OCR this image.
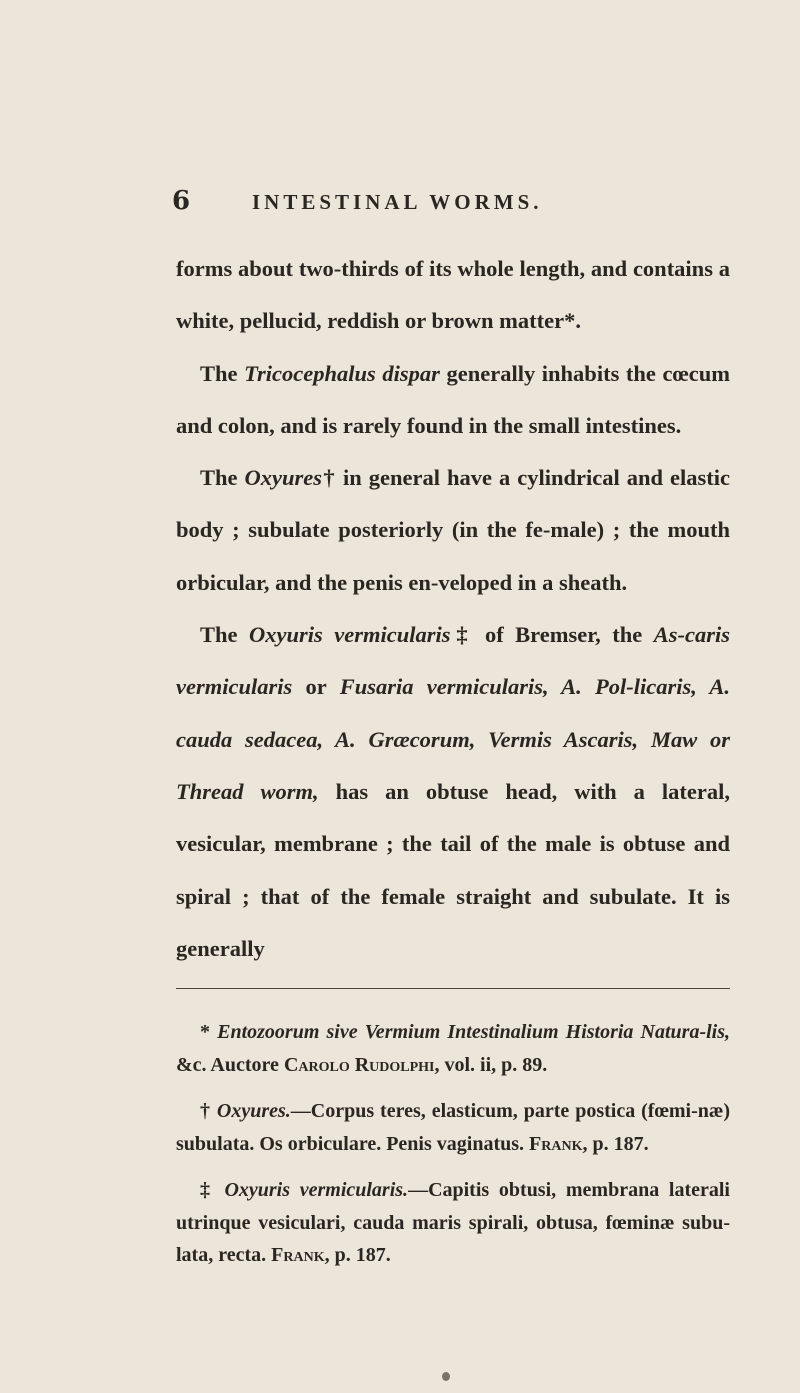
6	INTESTINAL WORMS.

forms about two-thirds of its whole length, and contains a white, pellucid, reddish or brown matter*.

The Tricocephalus dispar generally inhabits the cœcum and colon, and is rarely found in the small intestines.

The Oxyures† in general have a cylindrical and elastic body ; subulate posteriorly (in the fe-male) ; the mouth orbicular, and the penis en-veloped in a sheath.

The Oxyuris vermicularis‡ of Bremser, the As-caris vermicularis or Fusaria vermicularis, A. Pol-licaris, A. cauda sedacea, A. Græcorum, Vermis Ascaris, Maw or Thread worm, has an obtuse head, with a lateral, vesicular, membrane ; the tail of the male is obtuse and spiral ; that of the female straight and subulate. It is generally

* Entozoorum sive Vermium Intestinalium Historia Natura-lis, &c. Auctore Carolo Rudolphi, vol. ii, p. 89.

† Oxyures.—Corpus teres, elasticum, parte postica (fœmi-næ) subulata. Os orbiculare. Penis vaginatus. Frank, p. 187.

‡ Oxyuris vermicularis.—Capitis obtusi, membrana laterali utrinque vesiculari, cauda maris spirali, obtusa, fœminæ subu-lata, recta. Frank, p. 187.
